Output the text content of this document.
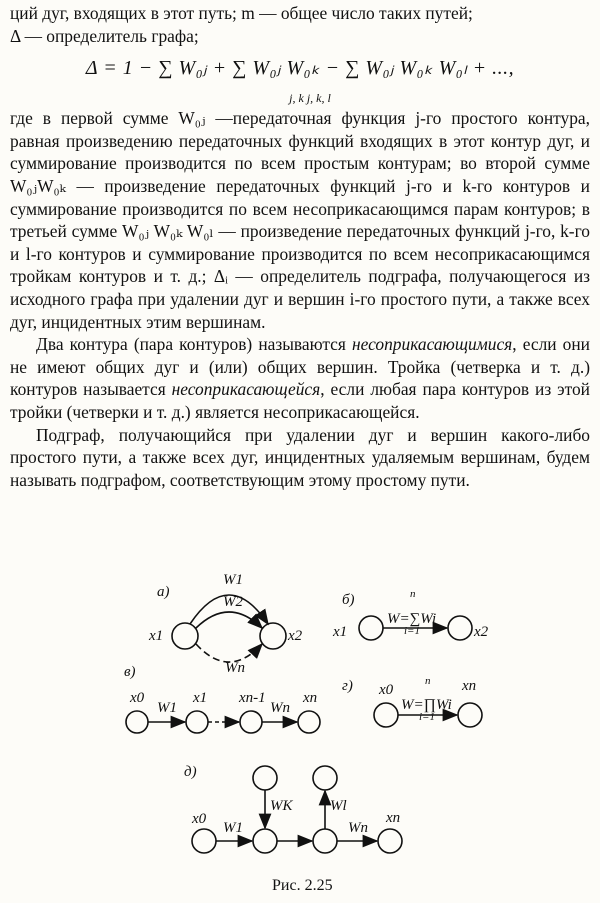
ций дуг, входящих в этот путь; m — общее число таких путей;

Δ — определитель графа;

Δ = 1 − ∑ W₀ⱼ + ∑ W₀ⱼ W₀ₖ − ∑ W₀ⱼ W₀ₖ W₀ₗ + ...,
j, k j, k, l

где в первой сумме W₀ⱼ —передаточная функция j-го простого контура, равная произведению передаточных функций входящих в этот контур дуг, и суммирование производится по всем простым контурам; во второй сумме W₀ⱼW₀ₖ — произведение передаточных функций j-го и k-го контуров и суммирование производится по всем несоприкасающимся парам контуров; в третьей сумме W₀ⱼ W₀ₖ W₀ₗ — произведение передаточных функций j-го, k-го и l-го контуров и суммирование производится по всем несоприкасающимся тройкам контуров и т. д.; Δᵢ — определитель подграфа, получающегося из исходного графа при удалении дуг и вершин i-го простого пути, а также всех дуг, инцидентных этим вершинам.

Два контура (пара контуров) называются несоприкасающимися, если они не имеют общих дуг и (или) общих вершин. Тройка (четверка и т. д.) контуров называется несоприкасающейся, если любая пара контуров из этой тройки (четверки и т. д.) является несоприкасающейся.

Подграф, получающийся при удалении дуг и вершин какого-либо простого пути, а также всех дуг, инцидентных удаляемым вершинам, будем называть подграфом, соответствующим этому простому пути.

а)
W1
W2
Wn
x1	x2
б)
x1	x2
W=∑Wi
n
i=1
в)
x0	x1 xn-1 xn
W1	Wn
г) x0	xn
W=∏Wi
n
i=1
д)
x0	xn
W1
WK	Wl
Wn
Рис. 2.25
